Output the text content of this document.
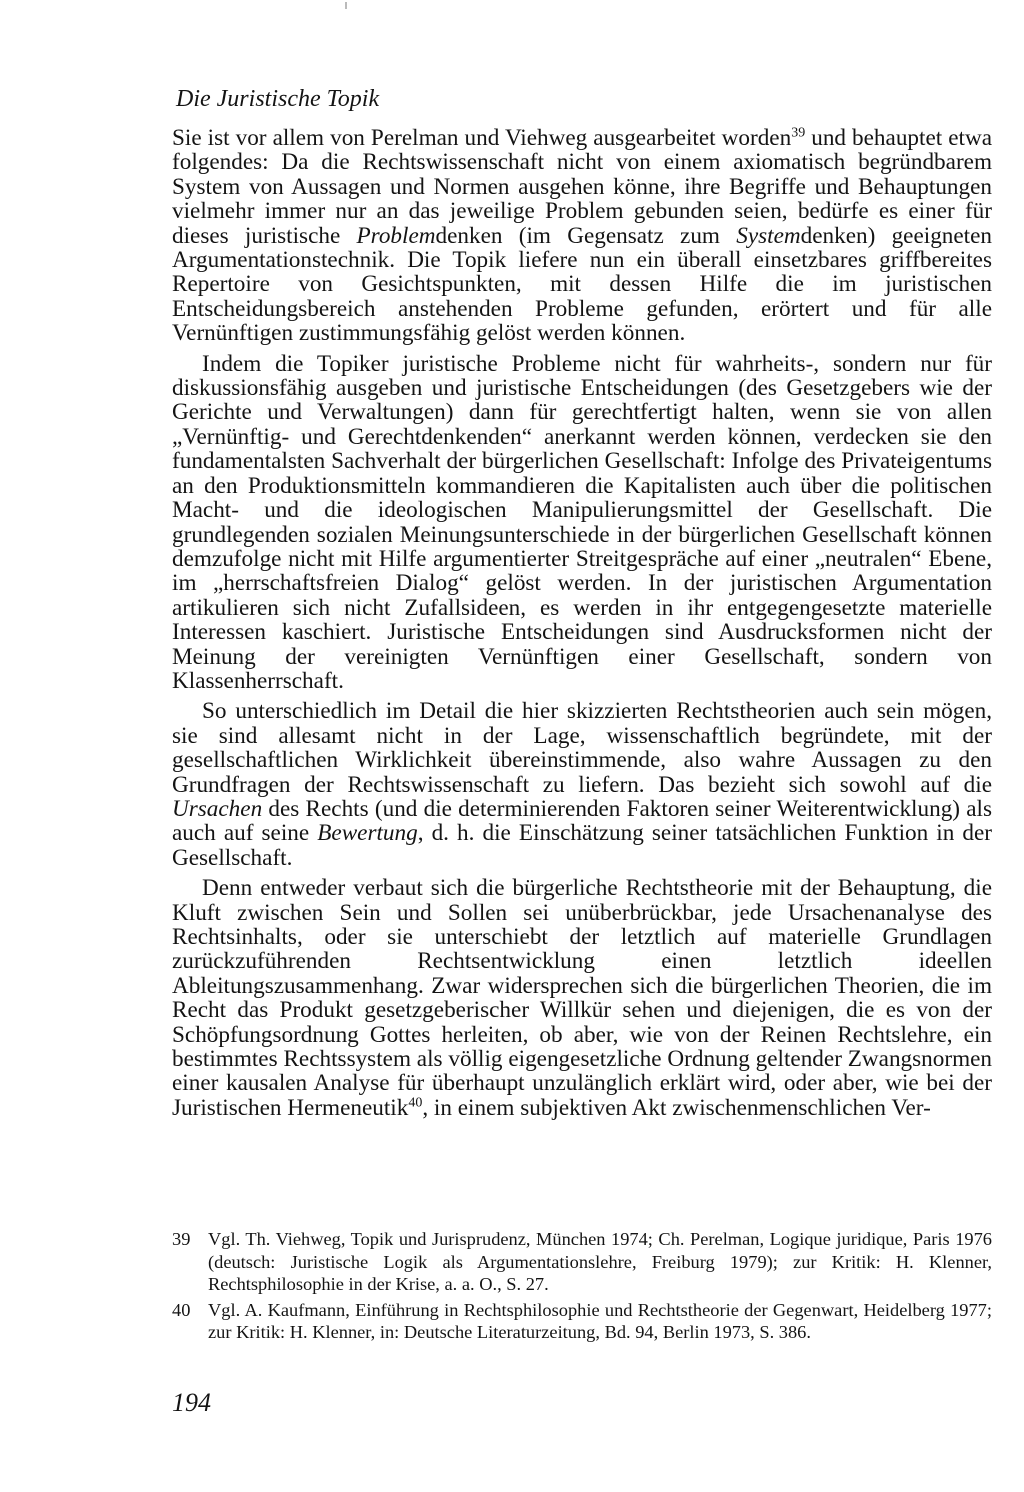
Die Juristische Topik

Sie ist vor allem von Perelman und Viehweg ausgearbeitet worden$^{39}$ und behauptet etwa folgendes: Da die Rechtswissenschaft nicht von einem axiomatisch begründbarem System von Aussagen und Normen ausgehen könne, ihre Begriffe und Behauptungen vielmehr immer nur an das jeweilige Problem gebunden seien, bedürfe es einer für dieses juristische Problemdenken (im Gegensatz zum Systemdenken) geeigneten Argumentationstechnik. Die Topik liefere nun ein überall einsetzbares griffbereites Repertoire von Gesichtspunkten, mit dessen Hilfe die im juristischen Entscheidungsbereich anstehenden Probleme gefunden, erörtert und für alle Vernünftigen zustimmungsfähig gelöst werden können.

Indem die Topiker juristische Probleme nicht für wahrheits-, sondern nur für diskussionsfähig ausgeben und juristische Entscheidungen (des Gesetzgebers wie der Gerichte und Verwaltungen) dann für gerechtfertigt halten, wenn sie von allen „Vernünftig- und Gerechtdenkenden“ anerkannt werden können, verdecken sie den fundamentalsten Sachverhalt der bürgerlichen Gesellschaft: Infolge des Privateigentums an den Produktionsmitteln kommandieren die Kapitalisten auch über die politischen Macht- und die ideologischen Manipulierungsmittel der Gesellschaft. Die grundlegenden sozialen Meinungsunterschiede in der bürgerlichen Gesellschaft können demzufolge nicht mit Hilfe argumentierter Streitgespräche auf einer „neutralen“ Ebene, im „herrschaftsfreien Dialog“ gelöst werden. In der juristischen Argumentation artikulieren sich nicht Zufallsideen, es werden in ihr entgegengesetzte materielle Interessen kaschiert. Juristische Entscheidungen sind Ausdrucksformen nicht der Meinung der vereinigten Vernünftigen einer Gesellschaft, sondern von Klassenherrschaft.

So unterschiedlich im Detail die hier skizzierten Rechtstheorien auch sein mögen, sie sind allesamt nicht in der Lage, wissenschaftlich begründete, mit der gesellschaftlichen Wirklichkeit übereinstimmende, also wahre Aussagen zu den Grundfragen der Rechtswissenschaft zu liefern. Das bezieht sich sowohl auf die Ursachen des Rechts (und die determinierenden Faktoren seiner Weiterentwicklung) als auch auf seine Bewertung, d. h. die Einschätzung seiner tatsächlichen Funktion in der Gesellschaft.

Denn entweder verbaut sich die bürgerliche Rechtstheorie mit der Behauptung, die Kluft zwischen Sein und Sollen sei unüberbrückbar, jede Ursachenanalyse des Rechtsinhalts, oder sie unterschiebt der letztlich auf materielle Grundlagen zurückzuführenden Rechtsentwicklung einen letztlich ideellen Ableitungszusammenhang. Zwar widersprechen sich die bürgerlichen Theorien, die im Recht das Produkt gesetzgeberischer Willkür sehen und diejenigen, die es von der Schöpfungsordnung Gottes herleiten, ob aber, wie von der Reinen Rechtslehre, ein bestimmtes Rechtssystem als völlig eigengesetzliche Ordnung geltender Zwangsnormen einer kausalen Analyse für überhaupt unzulänglich erklärt wird, oder aber, wie bei der Juristischen Hermeneutik$^{40}$, in einem subjektiven Akt zwischenmenschlichen Ver-

39 Vgl. Th. Viehweg, Topik und Jurisprudenz, München 1974; Ch. Perelman, Logique juridique, Paris 1976 (deutsch: Juristische Logik als Argumentationslehre, Freiburg 1979); zur Kritik: H. Klenner, Rechtsphilosophie in der Krise, a. a. O., S. 27.

40 Vgl. A. Kaufmann, Einführung in Rechtsphilosophie und Rechtstheorie der Gegenwart, Heidelberg 1977; zur Kritik: H. Klenner, in: Deutsche Literaturzeitung, Bd. 94, Berlin 1973, S. 386.

194
